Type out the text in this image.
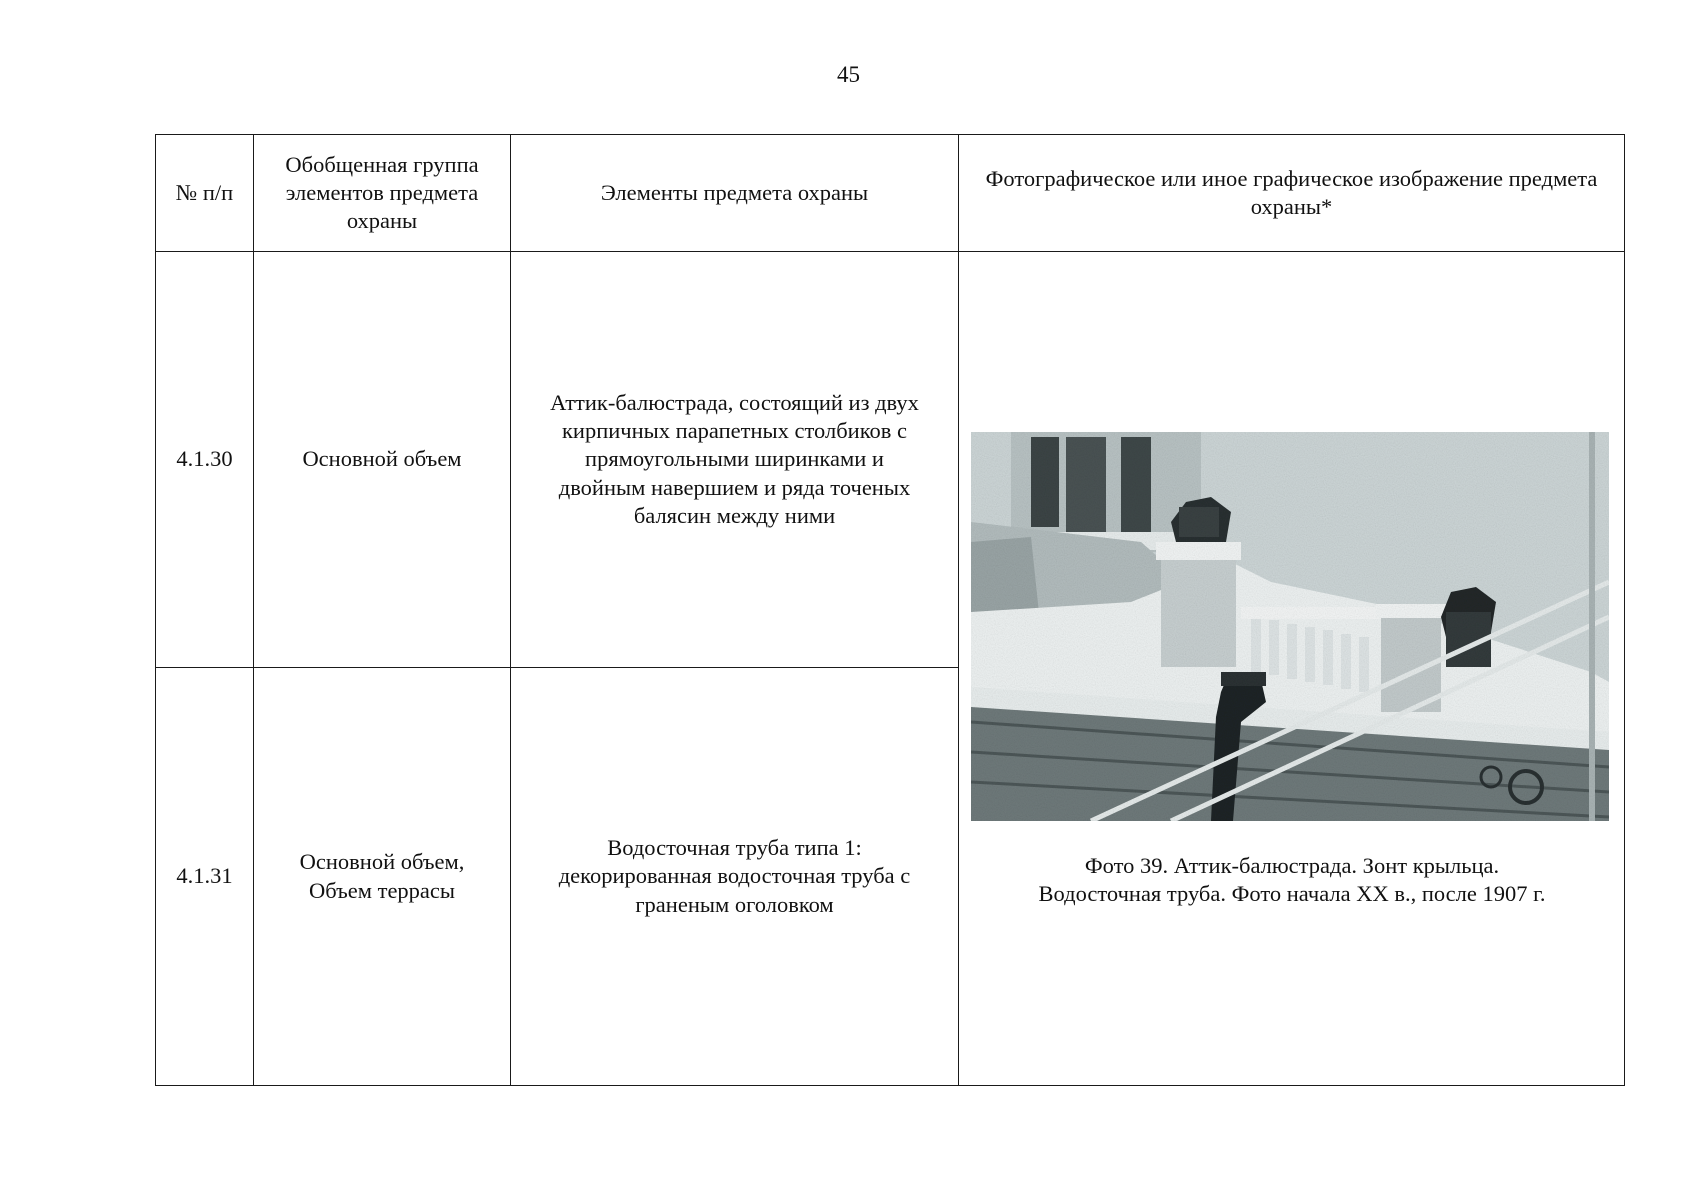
45
№ п/п	Обобщенная группа элементов предмета охраны	Элементы предмета охраны	Фотографическое или иное графическое изображение предмета охраны*
4.1.30	Основной объем	Аттик-балюстрада, состоящий из двух кирпичных парапетных столбиков с прямоугольными ширинками и двойным навершием и ряда точеных балясин между ними	Фото 39. Аттик-балюстрада. Зонт крыльца.
Водосточная труба. Фото начала XX в., после 1907 г.

4.1.31	Основной объем, Объем террасы	Водосточная труба типа 1: декорированная водосточная труба с граненым оголовком	
